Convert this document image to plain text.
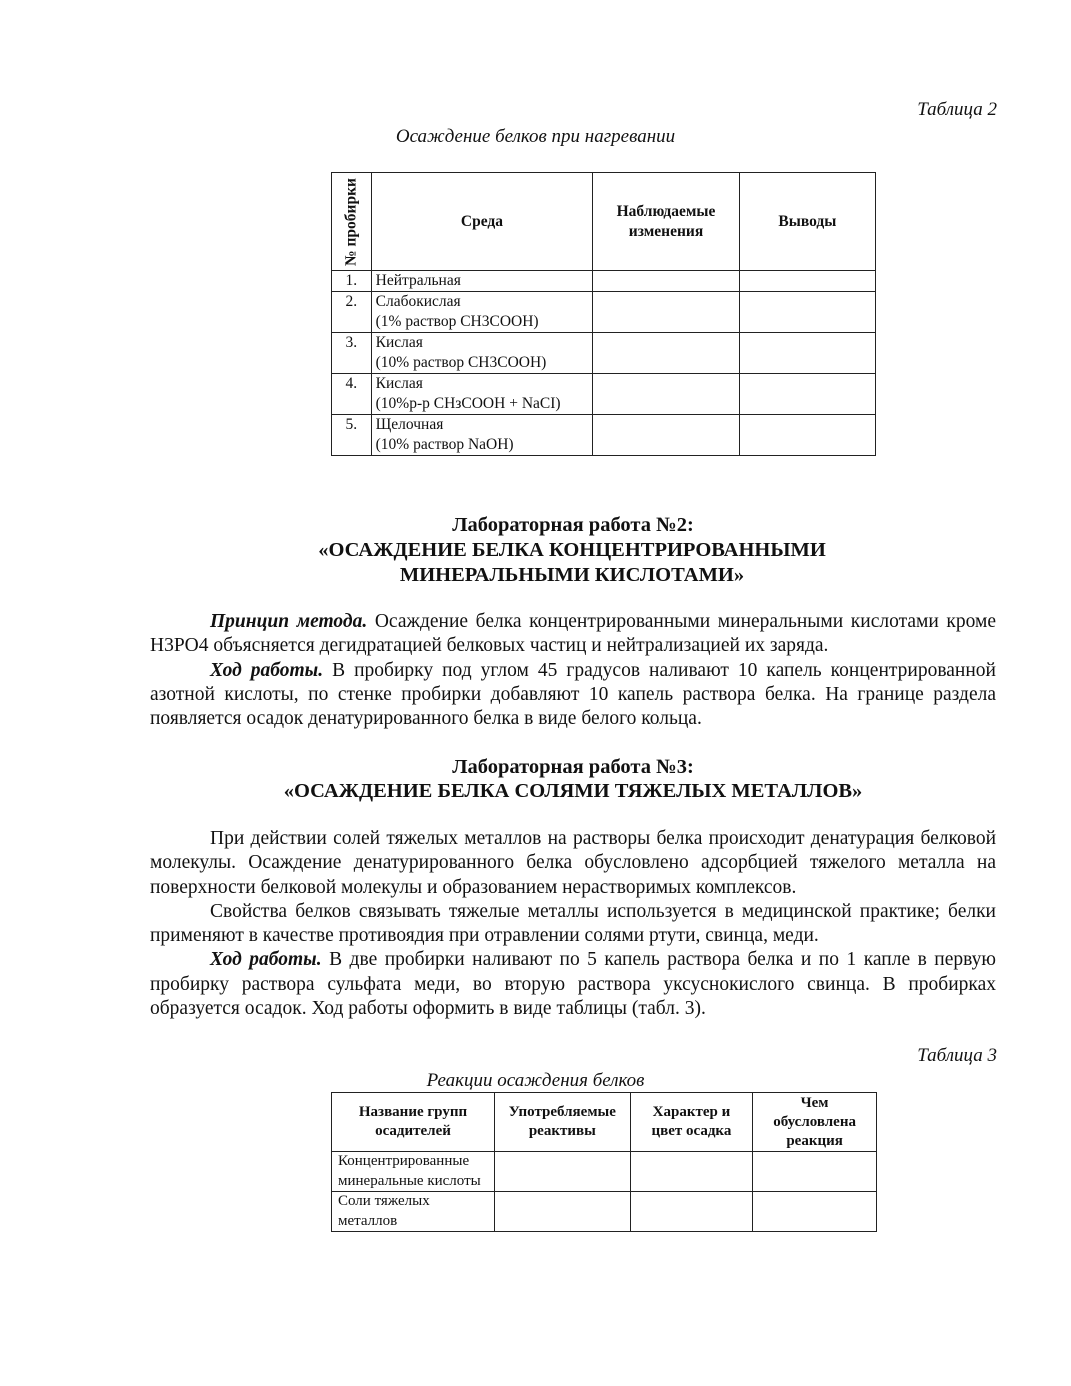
Таблица 2
Осаждение белков при нагревании
№ пробирки	Среда	Наблюдаемые изменения	Выводы
1.	Нейтральная		

2.	Слабокислая
(1% раствор CH3COOH)		

3.	Кислая
(10% раствор CH3COOH)		

4.	Кислая
(10%р-р CHзCOOH + NaCI)		

5.	Щелочная
(10% раствор NaOH)		

Лабораторная работа №2:
«ОСАЖДЕНИЕ БЕЛКА КОНЦЕНТРИРОВАННЫМИ МИНЕРАЛЬНЫМИ КИСЛОТАМИ»

Принцип метода. Осаждение белка концентрированными минеральными кислотами кроме H3PO4 объясняется дегидратацией белковых частиц и нейтрализацией их заряда.

Ход работы. В пробирку под углом 45 градусов наливают 10 капель концентрированной азотной кислоты, по стенке пробирки добавляют 10 капель раствора белка. На границе раздела появляется осадок денатурированного белка в виде белого кольца.

Лабораторная работа №3:
«ОСАЖДЕНИЕ БЕЛКА СОЛЯМИ ТЯЖЕЛЫХ МЕТАЛЛОВ»

При действии солей тяжелых металлов на растворы белка происходит денатурация белковой молекулы. Осаждение денатурированного белка обусловлено адсорбцией тяжелого металла на поверхности белковой молекулы и образованием нерастворимых комплексов.

Свойства белков связывать тяжелые металлы используется в медицинской практике; белки применяют в качестве противоядия при отравлении солями ртути, свинца, меди.

Ход работы. В две пробирки наливают по 5 капель раствора белка и по 1 капле в первую пробирку раствора сульфата меди, во вторую раствора уксуснокислого свинца. В пробирках образуется осадок. Ход работы оформить в виде таблицы (табл. 3).

Таблица 3
Реакции осаждения белков
Название групп осадителей	Употребляемые реактивы	Характер и цвет осадка	Чем обусловлена реакция

Концентрированные минеральные кислоты			

Соли тяжелых металлов			
